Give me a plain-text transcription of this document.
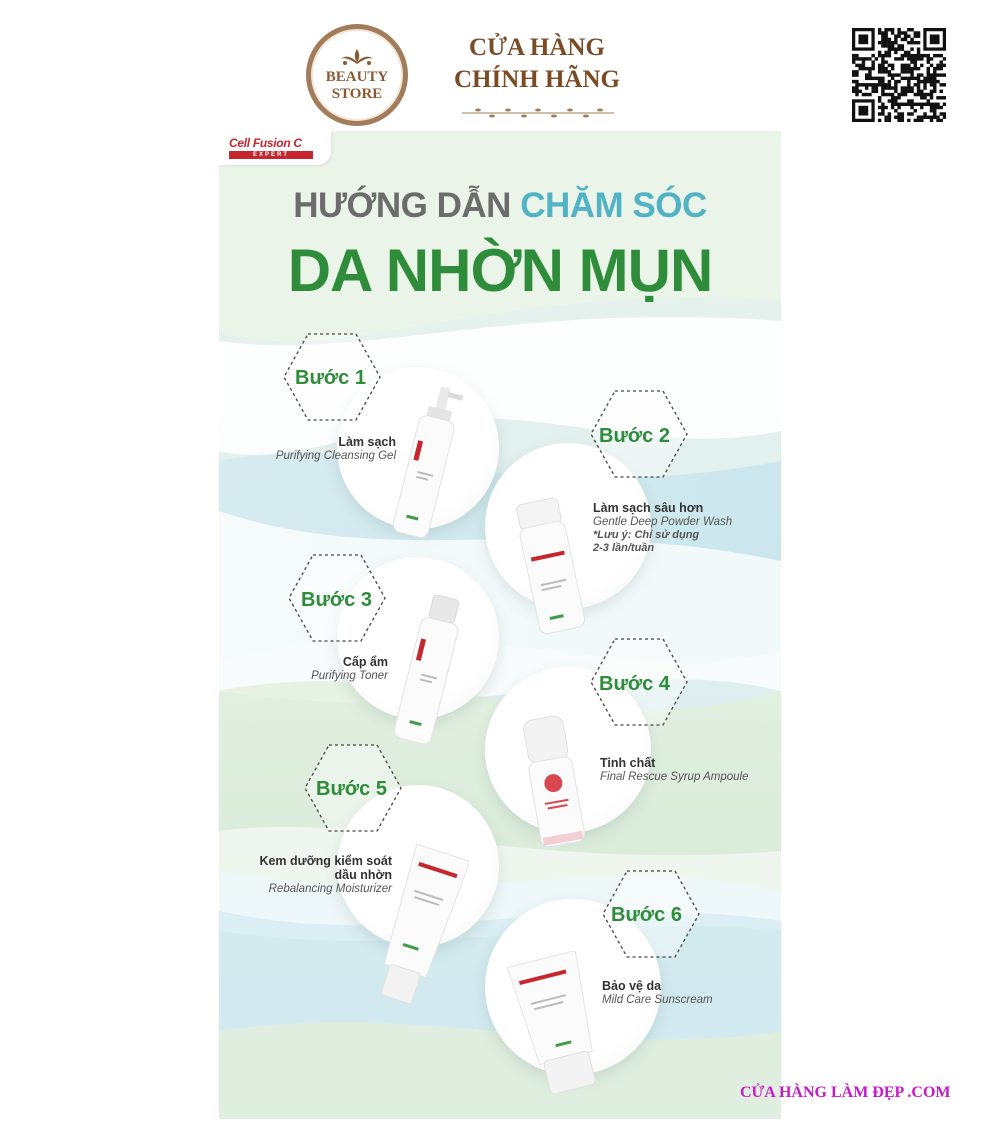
BEAUTY
STORE
CỬA HÀNG
CHÍNH HÃNG
Cell Fusion C
EXPERT
HƯỚNG DẪN CHĂM SÓC
DA NHỜN MỤN
Bước 1
Làm sạch
Purifying Cleansing Gel
Bước 2
Làm sạch sâu hơn
Gentle Deep Powder Wash
*Lưu ý: Chỉ sử dụng
2-3 lần/tuần
Bước 3
Cấp ẩm
Purifying Toner	Bước 4
Tinh chất
Final Rescue Syrup Ampoule
Bước 5
Kem dưỡng kiểm soát
dầu nhờn
Rebalancing Moisturizer
Bước 6
Bảo vệ da
Mild Care Sunscream
CỬA HÀNG LÀM ĐẸP .COM
